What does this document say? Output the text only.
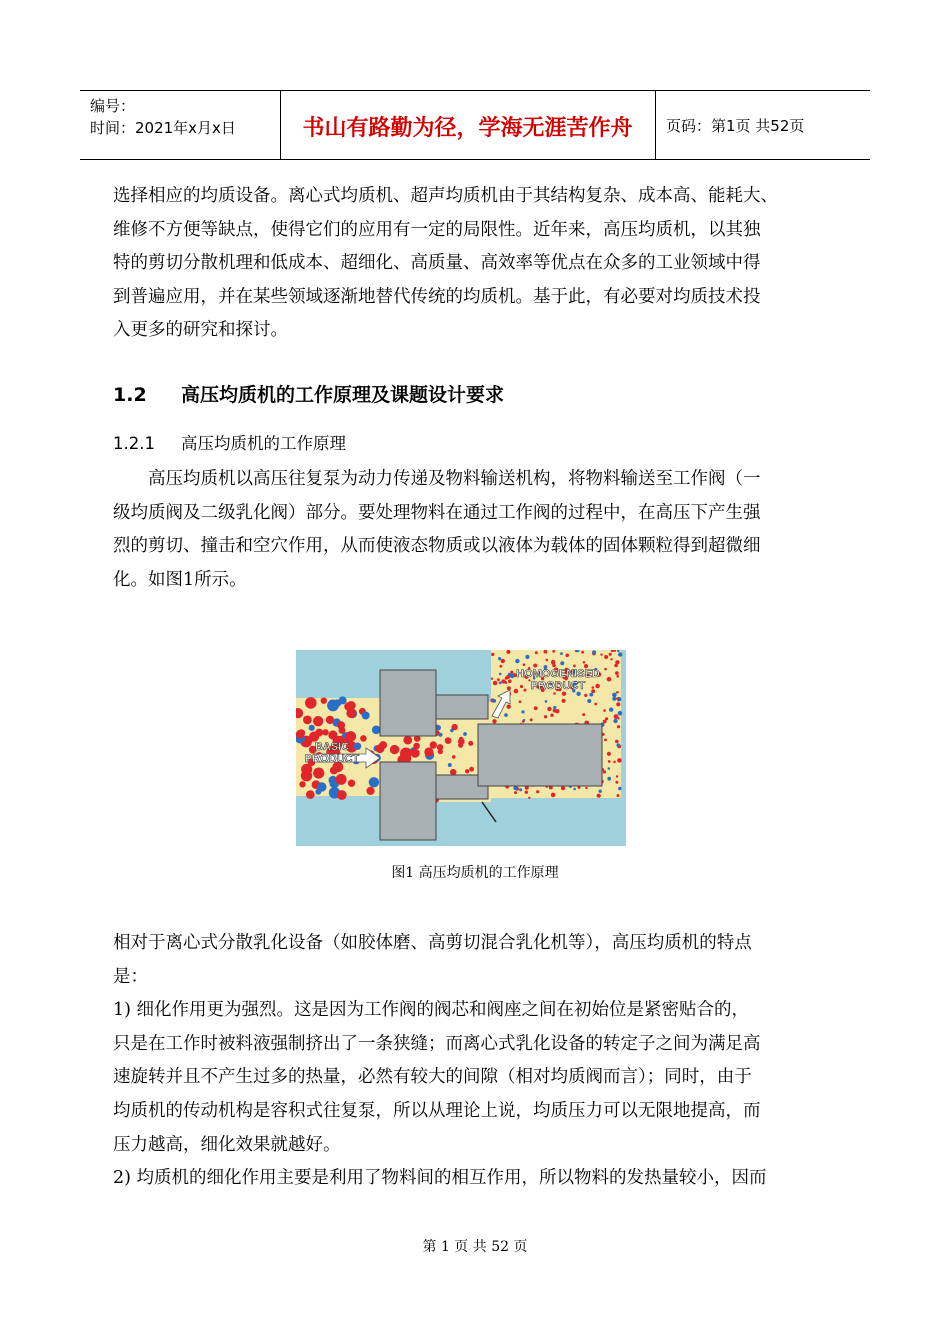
编号：
时间：2021年x月x日	书山有路勤为径，学海无涯苦作舟	页码：第1页 共52页

选择相应的均质设备。离心式均质机、超声均质机由于其结构复杂、成本高、能耗大、

维修不方便等缺点，使得它们的应用有一定的局限性。近年来，高压均质机，以其独

特的剪切分散机理和低成本、超细化、高质量、高效率等优点在众多的工业领域中得

到普遍应用，并在某些领域逐渐地替代传统的均质机。基于此，有必要对均质技术投

入更多的研究和探讨。

1.2 高压均质机的工作原理及课题设计要求
1.2.1 高压均质机的工作原理

　　高压均质机以高压往复泵为动力传递及物料输送机构，将物料输送至工作阀（一

级均质阀及二级乳化阀）部分。要处理物料在通过工作阀的过程中，在高压下产生强

烈的剪切、撞击和空穴作用，从而使液态物质或以液体为载体的固体颗粒得到超微细

化。如图1所示。

BASIC
PRODUCT
HOMOGENISED
PRODUCT
图1 高压均质机的工作原理

相对于离心式分散乳化设备（如胶体磨、高剪切混合乳化机等），高压均质机的特点

是：

1) 细化作用更为强烈。这是因为工作阀的阀芯和阀座之间在初始位是紧密贴合的，

只是在工作时被料液强制挤出了一条狭缝；而离心式乳化设备的转定子之间为满足高

速旋转并且不产生过多的热量，必然有较大的间隙（相对均质阀而言）；同时，由于

均质机的传动机构是容积式往复泵，所以从理论上说，均质压力可以无限地提高，而

压力越高，细化效果就越好。

2) 均质机的细化作用主要是利用了物料间的相互作用，所以物料的发热量较小，因而

第 1 页 共 52 页
